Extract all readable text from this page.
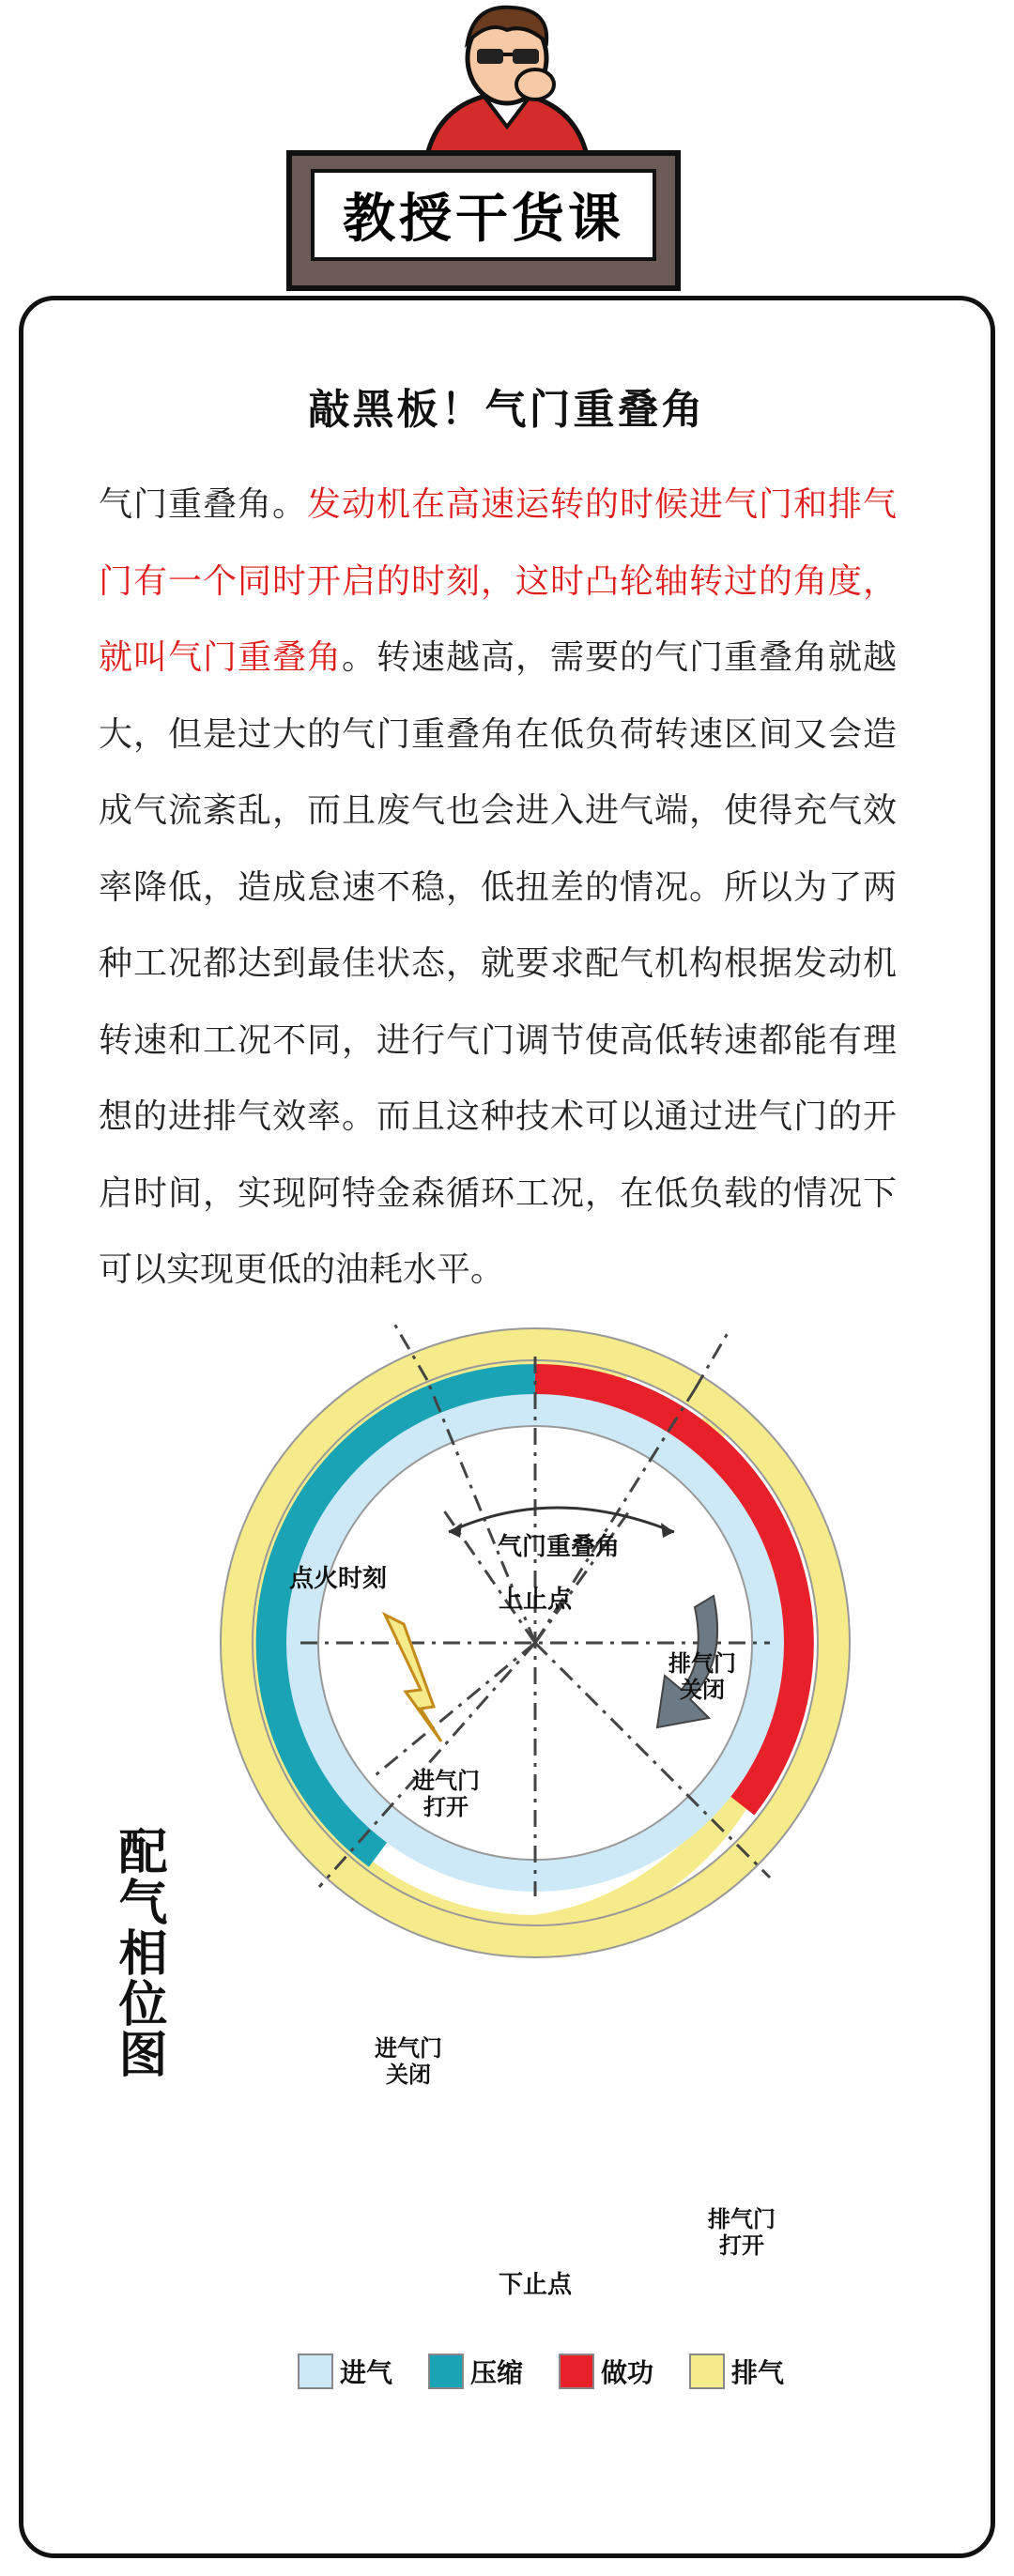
教授干货课
敲黑板！气门重叠角
气门重叠角。发动机在高速运转的时候进气门和排气门有一个同时开启的时刻，这时凸轮轴转过的角度，就叫气门重叠角。转速越高，需要的气门重叠角就越大，但是过大的气门重叠角在低负荷转速区间又会造成气流紊乱，而且废气也会进入进气端，使得充气效率降低，造成怠速不稳，低扭差的情况。所以为了两种工况都达到最佳状态，就要求配气机构根据发动机转速和工况不同，进行气门调节使高低转速都能有理想的进排气效率。而且这种技术可以通过进气门的开启时间，实现阿特金森循环工况，在低负载的情况下可以实现更低的油耗水平。
配气相位图
气门重叠角
点火时刻
上止点
下止点
排气门
关闭
进气门
打开
进气门
关闭
排气门
打开
进气	压缩	做功	排气
